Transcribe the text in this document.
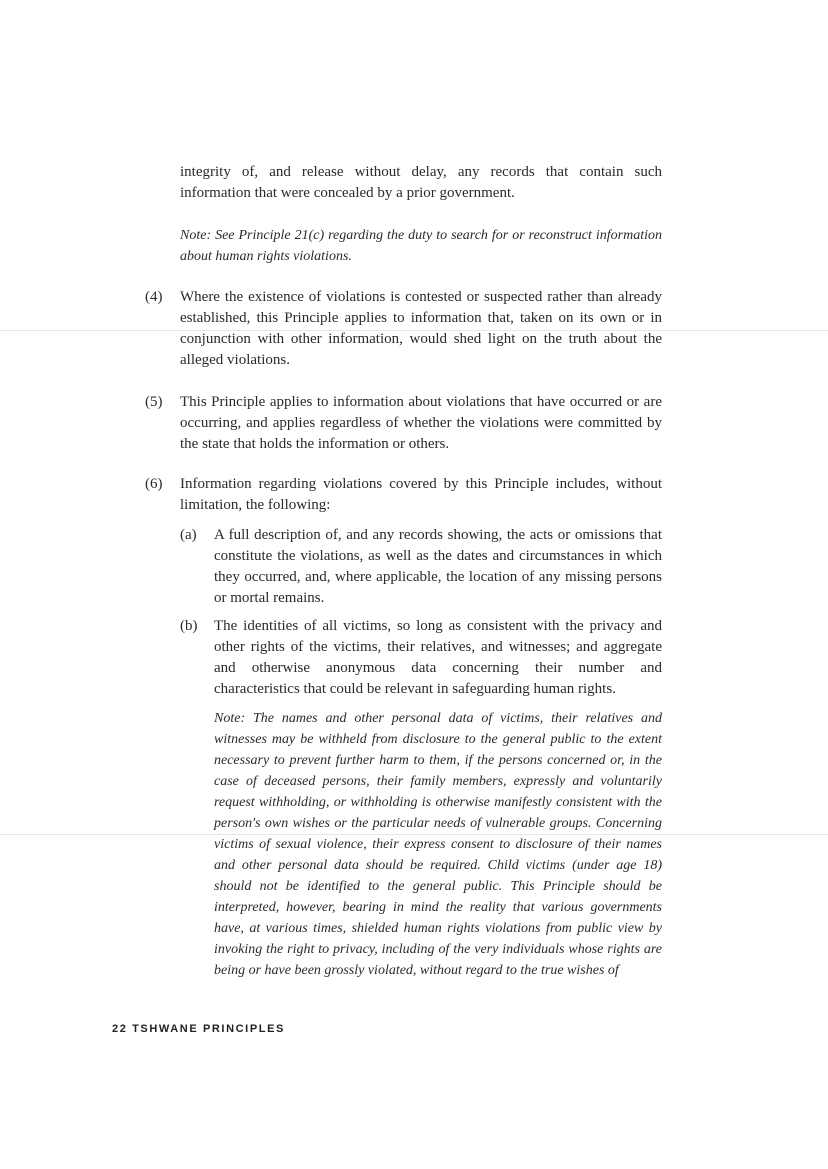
integrity of, and release without delay, any records that contain such information that were concealed by a prior government.

Note: See Principle 21(c) regarding the duty to search for or reconstruct information about human rights violations.

(4) Where the existence of violations is contested or suspected rather than already established, this Principle applies to information that, taken on its own or in conjunction with other information, would shed light on the truth about the alleged violations.

(5) This Principle applies to information about violations that have occurred or are occurring, and applies regardless of whether the violations were committed by the state that holds the information or others.

(6) Information regarding violations covered by this Principle includes, without limitation, the following:

(a) A full description of, and any records showing, the acts or omissions that constitute the violations, as well as the dates and circumstances in which they occurred, and, where applicable, the location of any missing persons or mortal remains.

(b) The identities of all victims, so long as consistent with the privacy and other rights of the victims, their relatives, and witnesses; and aggregate and otherwise anonymous data concerning their number and characteristics that could be relevant in safeguarding human rights.

Note: The names and other personal data of victims, their relatives and witnesses may be withheld from disclosure to the general public to the extent necessary to prevent further harm to them, if the persons concerned or, in the case of deceased persons, their family members, expressly and voluntarily request withholding, or withholding is otherwise manifestly consistent with the person's own wishes or the particular needs of vulnerable groups. Concerning victims of sexual violence, their express consent to disclosure of their names and other personal data should be required. Child victims (under age 18) should not be identified to the general public. This Principle should be interpreted, however, bearing in mind the reality that various governments have, at various times, shielded human rights violations from public view by invoking the right to privacy, including of the very individuals whose rights are being or have been grossly violated, without regard to the true wishes of

22 TSHWANE PRINCIPLES
